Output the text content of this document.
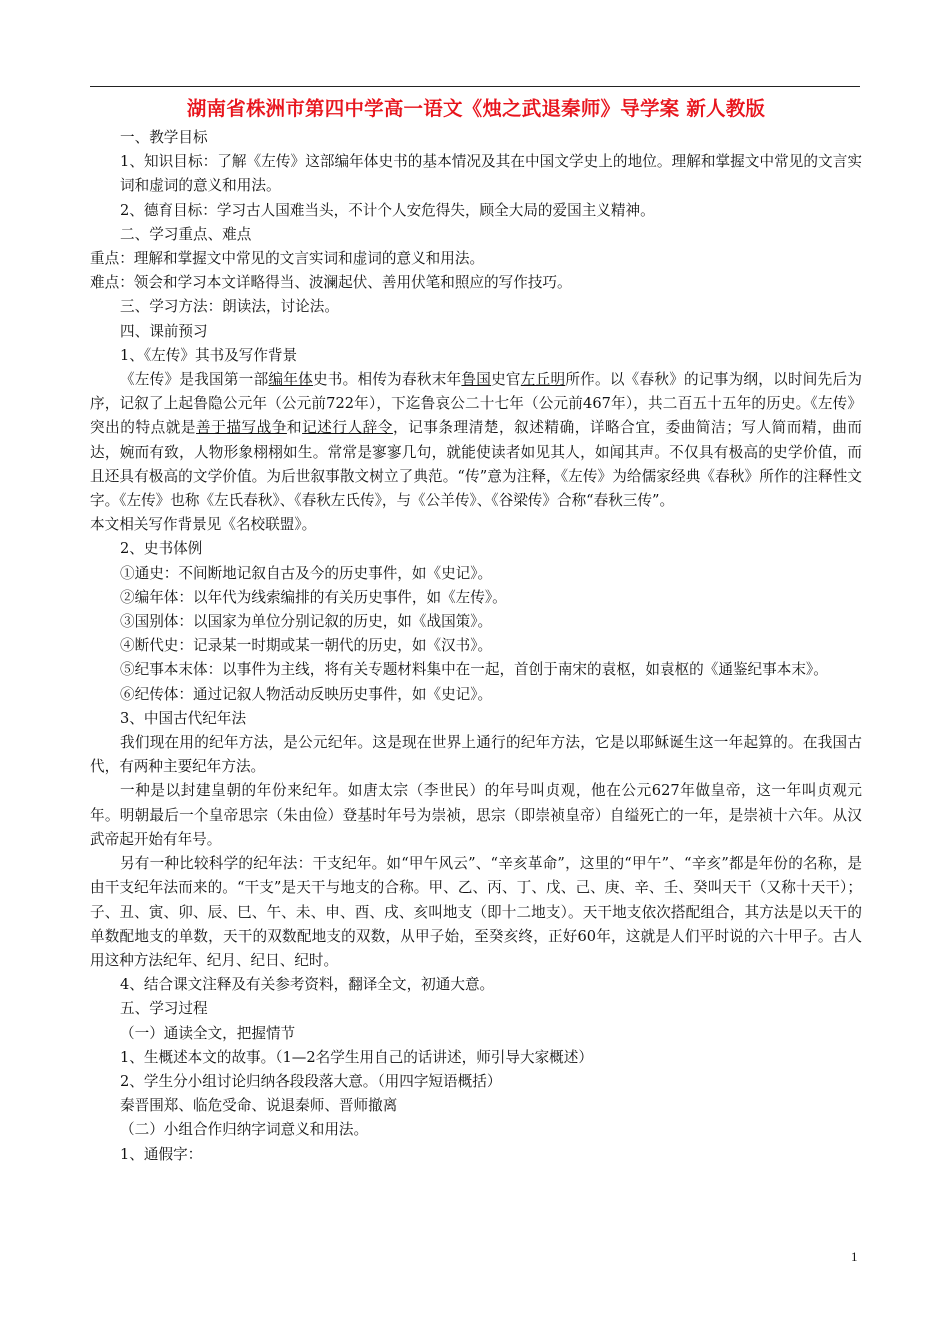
湖南省株洲市第四中学高一语文《烛之武退秦师》导学案 新人教版

一、教学目标

1、知识目标：了解《左传》这部编年体史书的基本情况及其在中国文学史上的地位。理解和掌握文中常见的文言实词和虚词的意义和用法。

2、德育目标：学习古人国难当头，不计个人安危得失，顾全大局的爱国主义精神。

二、学习重点、难点

重点：理解和掌握文中常见的文言实词和虚词的意义和用法。

难点：领会和学习本文详略得当、波澜起伏、善用伏笔和照应的写作技巧。

三、学习方法：朗读法，讨论法。

四、课前预习

1、《左传》其书及写作背景

《左传》是我国第一部编年体史书。相传为春秋末年鲁国史官左丘明所作。以《春秋》的记事为纲，以时间先后为序，记叙了上起鲁隐公元年（公元前722年），下迄鲁哀公二十七年（公元前467年），共二百五十五年的历史。《左传》突出的特点就是善于描写战争和记述行人辞令，记事条理清楚，叙述精确，详略合宜，委曲简洁；写人简而精，曲而达，婉而有致，人物形象栩栩如生。常常是寥寥几句，就能使读者如见其人，如闻其声。不仅具有极高的史学价值，而且还具有极高的文学价值。为后世叙事散文树立了典范。“传”意为注释，《左传》为给儒家经典《春秋》所作的注释性文字。《左传》也称《左氏春秋》、《春秋左氏传》，与《公羊传》、《谷梁传》合称“春秋三传”。

本文相关写作背景见《名校联盟》。

2、史书体例

①通史：不间断地记叙自古及今的历史事件，如《史记》。

②编年体：以年代为线索编排的有关历史事件，如《左传》。

③国别体：以国家为单位分别记叙的历史，如《战国策》。

④断代史：记录某一时期或某一朝代的历史，如《汉书》。

⑤纪事本末体：以事件为主线，将有关专题材料集中在一起，首创于南宋的袁枢，如袁枢的《通鉴纪事本末》。

⑥纪传体：通过记叙人物活动反映历史事件，如《史记》。

3、中国古代纪年法

我们现在用的纪年方法，是公元纪年。这是现在世界上通行的纪年方法，它是以耶稣诞生这一年起算的。在我国古代，有两种主要纪年方法。

一种是以封建皇朝的年份来纪年。如唐太宗（李世民）的年号叫贞观，他在公元627年做皇帝，这一年叫贞观元年。明朝最后一个皇帝思宗（朱由俭）登基时年号为崇祯，思宗（即崇祯皇帝）自缢死亡的一年，是崇祯十六年。从汉武帝起开始有年号。

另有一种比较科学的纪年法：干支纪年。如“甲午风云”、“辛亥革命”，这里的“甲午”、“辛亥”都是年份的名称，是由干支纪年法而来的。“干支”是天干与地支的合称。甲、乙、丙、丁、戊、己、庚、辛、壬、癸叫天干（又称十天干）；子、丑、寅、卯、辰、巳、午、未、申、酉、戌、亥叫地支（即十二地支）。天干地支依次搭配组合，其方法是以天干的单数配地支的单数，天干的双数配地支的双数，从甲子始，至癸亥终，正好60年，这就是人们平时说的六十甲子。古人用这种方法纪年、纪月、纪日、纪时。

4、结合课文注释及有关参考资料，翻译全文，初通大意。

五、学习过程

（一）通读全文，把握情节

1、生概述本文的故事。（1—2名学生用自己的话讲述，师引导大家概述）

2、学生分小组讨论归纳各段段落大意。（用四字短语概括）

秦晋围郑、临危受命、说退秦师、晋师撤离

（二）小组合作归纳字词意义和用法。

1、通假字：

1
